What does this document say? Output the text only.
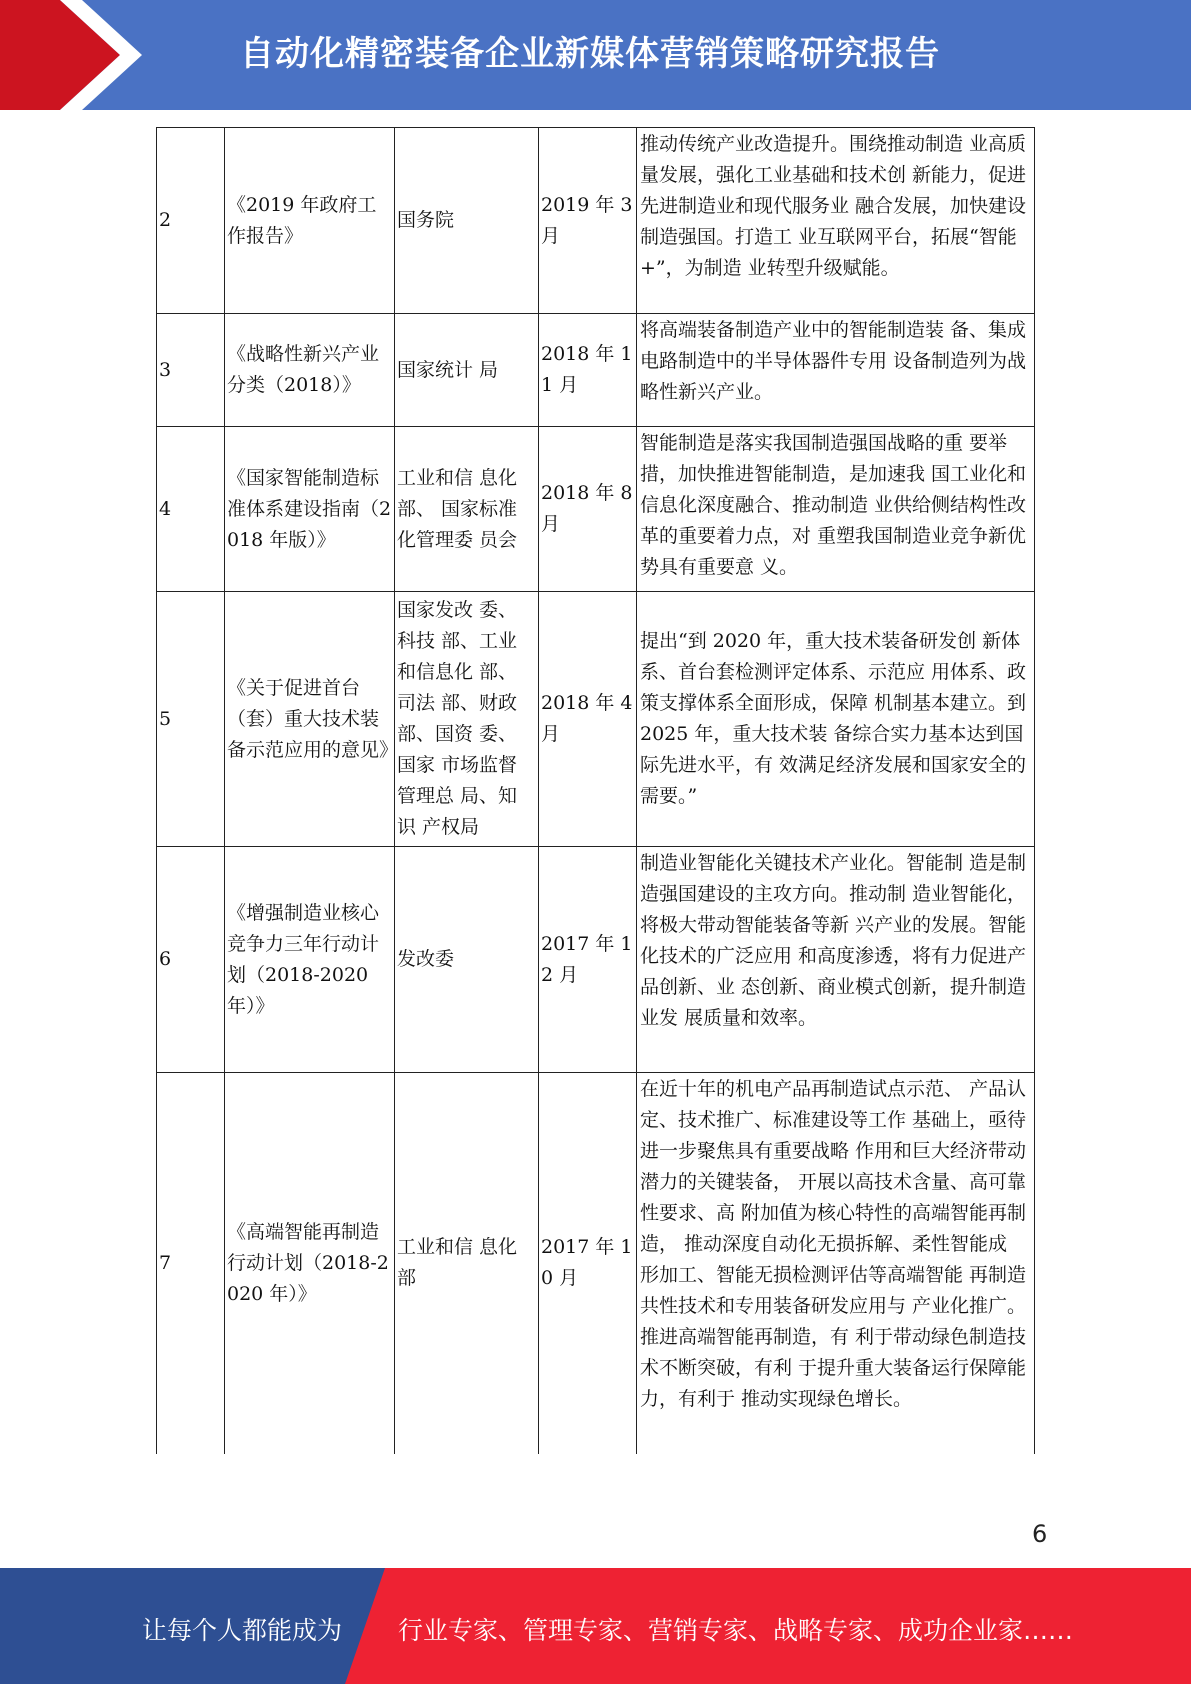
自动化精密装备企业新媒体营销策略研究报告
2	《2019 年政府工作报告》	国务院	2019 年 3 月	推动传统产业改造提升。围绕推动制造 业高质量发展，强化工业基础和技术创 新能力，促进先进制造业和现代服务业 融合发展，加快建设制造强国。打造工 业互联网平台，拓展“智能+”，为制造 业转型升级赋能。
3	《战略性新兴产业分类（2018）》	国家统计 局	2018 年 11 月	将高端装备制造产业中的智能制造装 备、集成电路制造中的半导体器件专用 设备制造列为战略性新兴产业。
4	《国家智能制造标准体系建设指南（2018 年版）》	工业和信 息化部、 国家标准化管理委 员会	2018 年 8 月	智能制造是落实我国制造强国战略的重 要举措，加快推进智能制造，是加速我 国工业化和信息化深度融合、推动制造 业供给侧结构性改革的重要着力点，对 重塑我国制造业竞争新优势具有重要意 义。
5	《关于促进首台（套）重大技术装备示范应用的意见》	国家发改 委、科技 部、工业和信息化 部、司法 部、财政部、国资 委、国家 市场监督管理总 局、知识 产权局	2018 年 4 月	提出“到 2020 年，重大技术装备研发创 新体系、首台套检测评定体系、示范应 用体系、政策支撑体系全面形成，保障 机制基本建立。到 2025 年，重大技术装 备综合实力基本达到国际先进水平，有 效满足经济发展和国家安全的需要。”
6	《增强制造业核心竞争力三年行动计划（2018-2020 年）》	发改委	2017 年 12 月	制造业智能化关键技术产业化。智能制 造是制造强国建设的主攻方向。推动制 造业智能化，将极大带动智能装备等新 兴产业的发展。智能化技术的广泛应用 和高度渗透，将有力促进产品创新、业 态创新、商业模式创新，提升制造业发 展质量和效率。
7	《高端智能再制造行动计划（2018-2020 年）》	工业和信 息化部	2017 年 10 月	在近十年的机电产品再制造试点示范、 产品认定、技术推广、标准建设等工作 基础上，亟待进一步聚焦具有重要战略 作用和巨大经济带动潜力的关键装备， 开展以高技术含量、高可靠性要求、高 附加值为核心特性的高端智能再制造， 推动深度自动化无损拆解、柔性智能成 形加工、智能无损检测评估等高端智能 再制造共性技术和专用装备研发应用与 产业化推广。推进高端智能再制造，有 利于带动绿色制造技术不断突破，有利 于提升重大装备运行保障能力，有利于 推动实现绿色增长。
6
让每个人都能成为 行业专家、管理专家、营销专家、战略专家、成功企业家……
